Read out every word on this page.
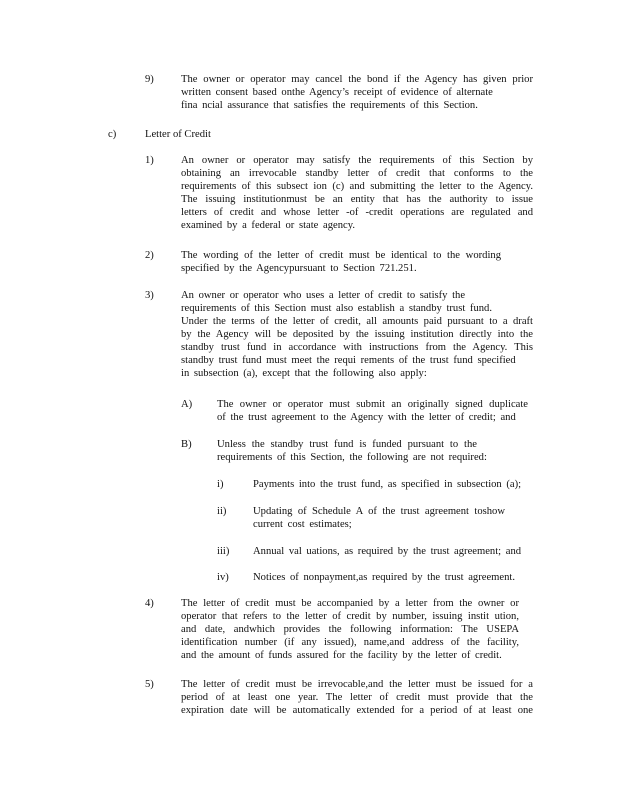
9)	The owner or operator may cancel the bond if the Agency has given prior
written consent based onthe Agency’s receipt of evidence of alternate
fina ncial assurance that satisfies the requirements of this Section.
c)	Letter of Credit
1)	An owner or operator may satisfy the requirements of this Section by
obtaining an irrevocable standby letter of credit that conforms to the
requirements of this subsect ion (c) and submitting the letter to the Agency.
The issuing institutionmust be an entity that has the authority to issue
letters of credit and whose letter -of -credit operations are regulated and
examined by a federal or state agency.
2)	The wording of the letter of credit must be identical to the wording
specified by the Agencypursuant to Section 721.251.
3)	An owner or operator who uses a letter of credit to satisfy the
requirements of this Section must also establish a standby trust fund.
Under the terms of the letter of credit, all amounts paid pursuant to a draft
by the Agency will be deposited by the issuing institution directly into the
standby trust fund in accordance with instructions from the Agency. This
standby trust fund must meet the requi rements of the trust fund specified
in subsection (a), except that the following also apply:
A) The owner or operator must submit an originally signed duplicate
of the trust agreement to the Agency with the letter of credit; and
B) Unless the standby trust fund is funded pursuant to the
requirements of this Section, the following are not required:
i)	Payments into the trust fund, as specified in subsection (a);
ii)	Updating of Schedule A of the trust agreement toshow
current cost estimates;
iii) Annual val uations, as required by the trust agreement; and
iv) Notices of nonpayment,as required by the trust agreement.
4)	The letter of credit must be accompanied by a letter from the owner or
operator that refers to the letter of credit by number, issuing instit ution,
and date, andwhich provides the following information: The USEPA
identification number (if any issued), name,and address of the facility,
and the amount of funds assured for the facility by the letter of credit.
5)	The letter of credit must be irrevocable,and the letter must be issued for a
period of at least one year. The letter of credit must provide that the
expiration date will be automatically extended for a period of at least one
